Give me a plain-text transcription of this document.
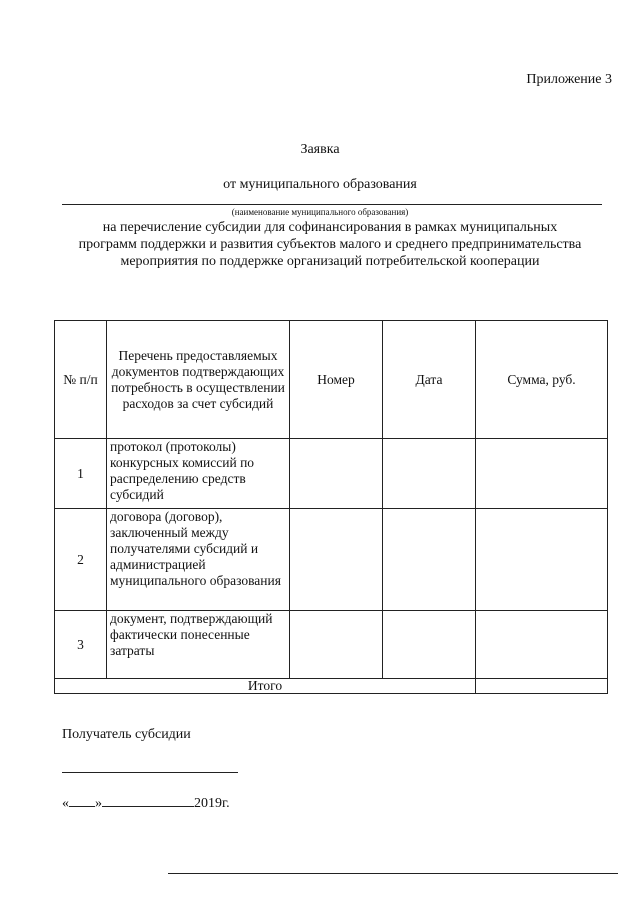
Приложение 3
Заявка
от муниципального образования
(наименование муниципального образования)
на перечисление субсидии для софинансирования в рамках муниципальных
программ поддержки и развития субъектов малого и среднего предпринимательства
мероприятия по поддержке организаций потребительской кооперации
№ п/п	Перечень предоставляемых документов подтверждающих потребность в осуществлении расходов за счет субсидий	Номер	Дата	Сумма, руб.
1	протокол (протоколы) конкурсных комиссий по распределению средств субсидий			
2	договора (договор), заключенный между получателями субсидий и администрацией муниципального образования			
3	документ, подтверждающий фактически понесенные затраты			
Итого				
Получатель субсидии
« »	2019г.
